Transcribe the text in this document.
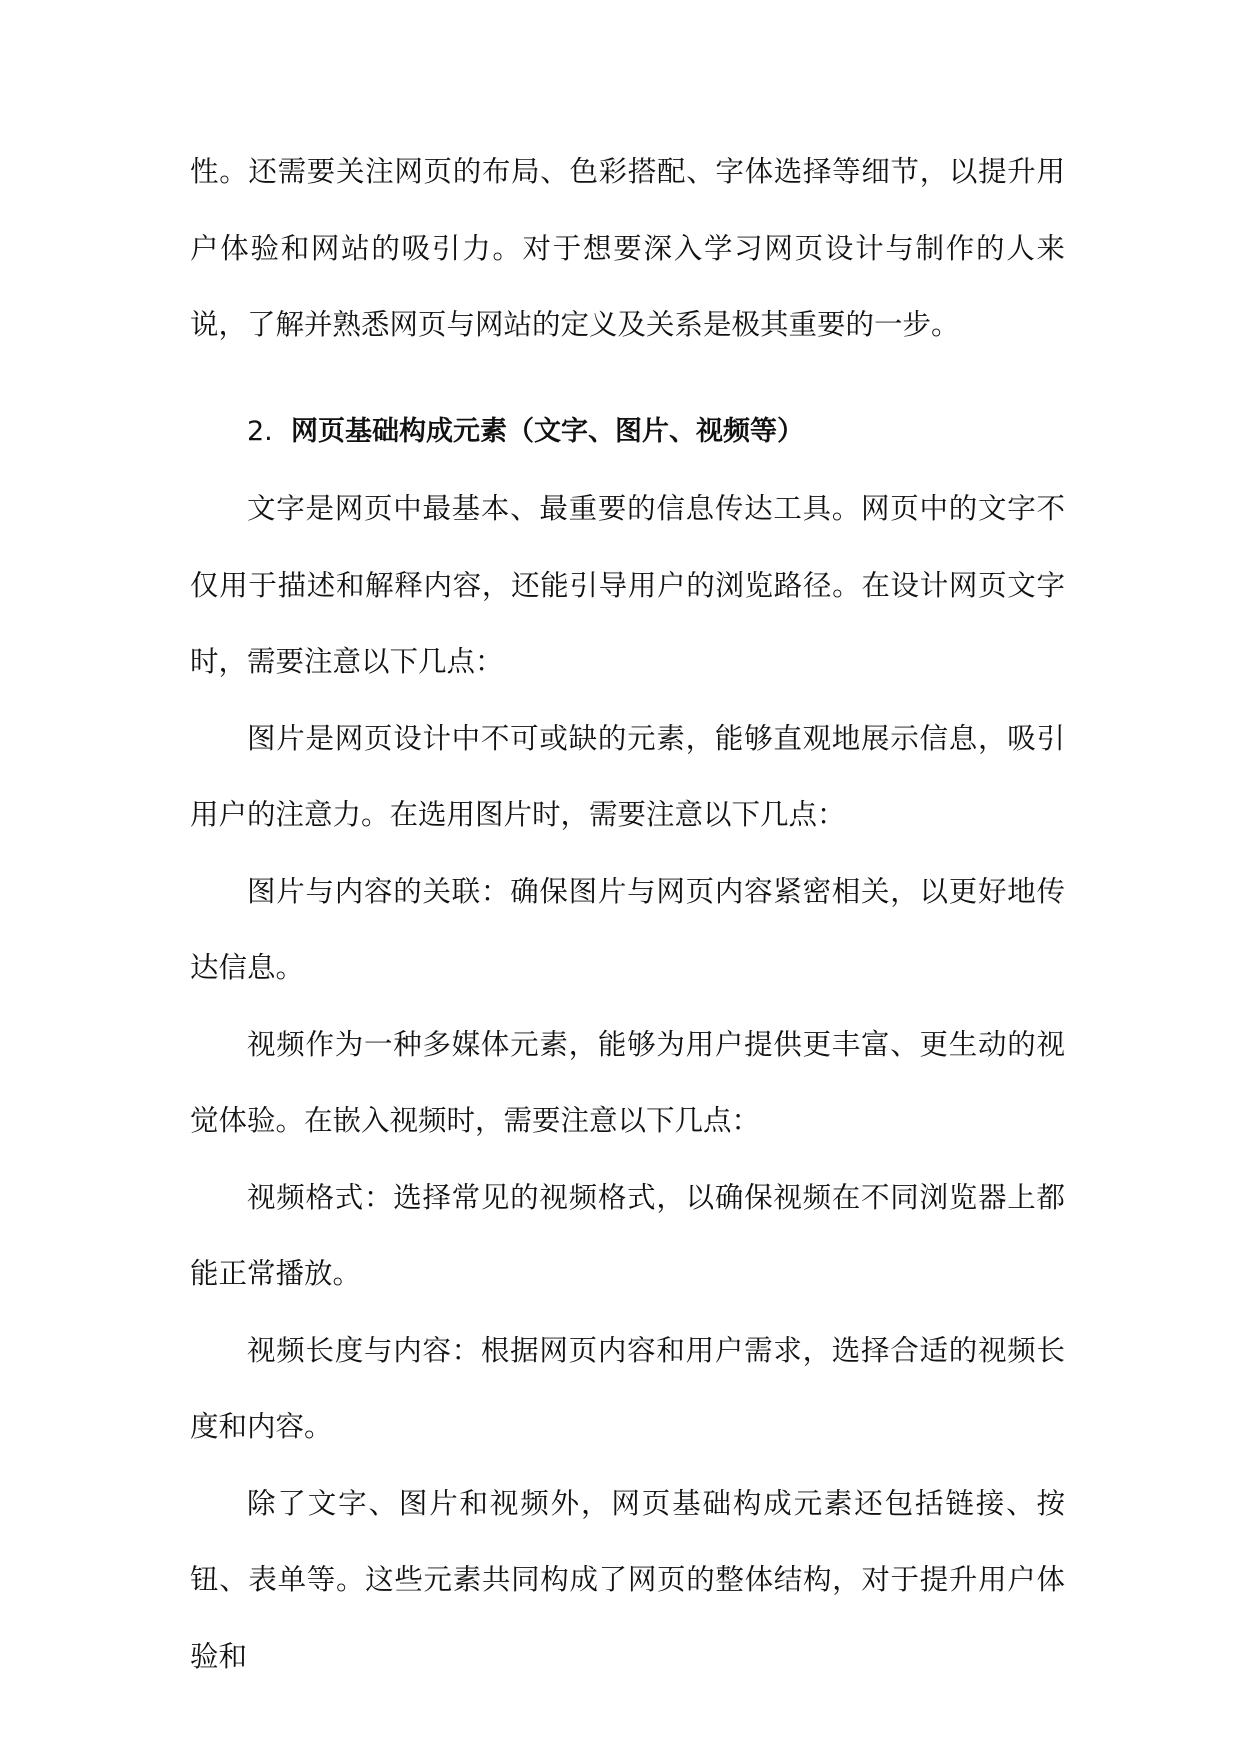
性。还需要关注网页的布局、色彩搭配、字体选择等细节，以提升用户体验和网站的吸引力。对于想要深入学习网页设计与制作的人来说，了解并熟悉网页与网站的定义及关系是极其重要的一步。

2. 网页基础构成元素（文字、图片、视频等）

文字是网页中最基本、最重要的信息传达工具。网页中的文字不仅用于描述和解释内容，还能引导用户的浏览路径。在设计网页文字时，需要注意以下几点：

图片是网页设计中不可或缺的元素，能够直观地展示信息，吸引用户的注意力。在选用图片时，需要注意以下几点：

图片与内容的关联：确保图片与网页内容紧密相关，以更好地传达信息。

视频作为一种多媒体元素，能够为用户提供更丰富、更生动的视觉体验。在嵌入视频时，需要注意以下几点：

视频格式：选择常见的视频格式，以确保视频在不同浏览器上都能正常播放。

视频长度与内容：根据网页内容和用户需求，选择合适的视频长度和内容。

除了文字、图片和视频外，网页基础构成元素还包括链接、按钮、表单等。这些元素共同构成了网页的整体结构，对于提升用户体验和
